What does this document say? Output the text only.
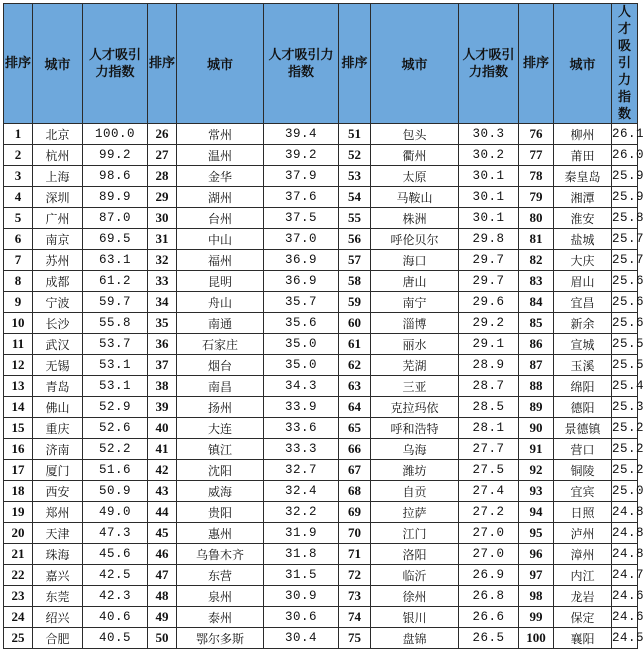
排序	城市	人才吸引力指数	排序	城市	人才吸引力指数	排序	城市	人才吸引力指数	排序	城市	人才吸引力指数
1	北京	100.0	26	常州	39.4	51	包头	30.3	76	柳州	26.1
2	杭州	99.2	27	温州	39.2	52	衢州	30.2	77	莆田	26.0
3	上海	98.6	28	金华	37.9	53	太原	30.1	78	秦皇岛	25.9
4	深圳	89.9	29	湖州	37.6	54	马鞍山	30.1	79	湘潭	25.9
5	广州	87.0	30	台州	37.5	55	株洲	30.1	80	淮安	25.8
6	南京	69.5	31	中山	37.0	56	呼伦贝尔	29.8	81	盐城	25.7
7	苏州	63.1	32	福州	36.9	57	海口	29.7	82	大庆	25.7
8	成都	61.2	33	昆明	36.9	58	唐山	29.7	83	眉山	25.6
9	宁波	59.7	34	舟山	35.7	59	南宁	29.6	84	宜昌	25.6
10	长沙	55.8	35	南通	35.6	60	淄博	29.2	85	新余	25.6
11	武汉	53.7	36	石家庄	35.0	61	丽水	29.1	86	宣城	25.5
12	无锡	53.1	37	烟台	35.0	62	芜湖	28.9	87	玉溪	25.5
13	青岛	53.1	38	南昌	34.3	63	三亚	28.7	88	绵阳	25.4
14	佛山	52.9	39	扬州	33.9	64	克拉玛依	28.5	89	德阳	25.3
15	重庆	52.6	40	大连	33.6	65	呼和浩特	28.1	90	景德镇	25.2
16	济南	52.2	41	镇江	33.3	66	乌海	27.7	91	营口	25.2
17	厦门	51.6	42	沈阳	32.7	67	潍坊	27.5	92	铜陵	25.2
18	西安	50.9	43	威海	32.4	68	自贡	27.4	93	宜宾	25.0
19	郑州	49.0	44	贵阳	32.2	69	拉萨	27.2	94	日照	24.8
20	天津	47.3	45	惠州	31.9	70	江门	27.0	95	泸州	24.8
21	珠海	45.6	46	乌鲁木齐	31.8	71	洛阳	27.0	96	漳州	24.8
22	嘉兴	42.5	47	东营	31.5	72	临沂	26.9	97	内江	24.7
23	东莞	42.3	48	泉州	30.9	73	徐州	26.8	98	龙岩	24.6
24	绍兴	40.6	49	泰州	30.6	74	银川	26.6	99	保定	24.6
25	合肥	40.5	50	鄂尔多斯	30.4	75	盘锦	26.5	100	襄阳	24.5
